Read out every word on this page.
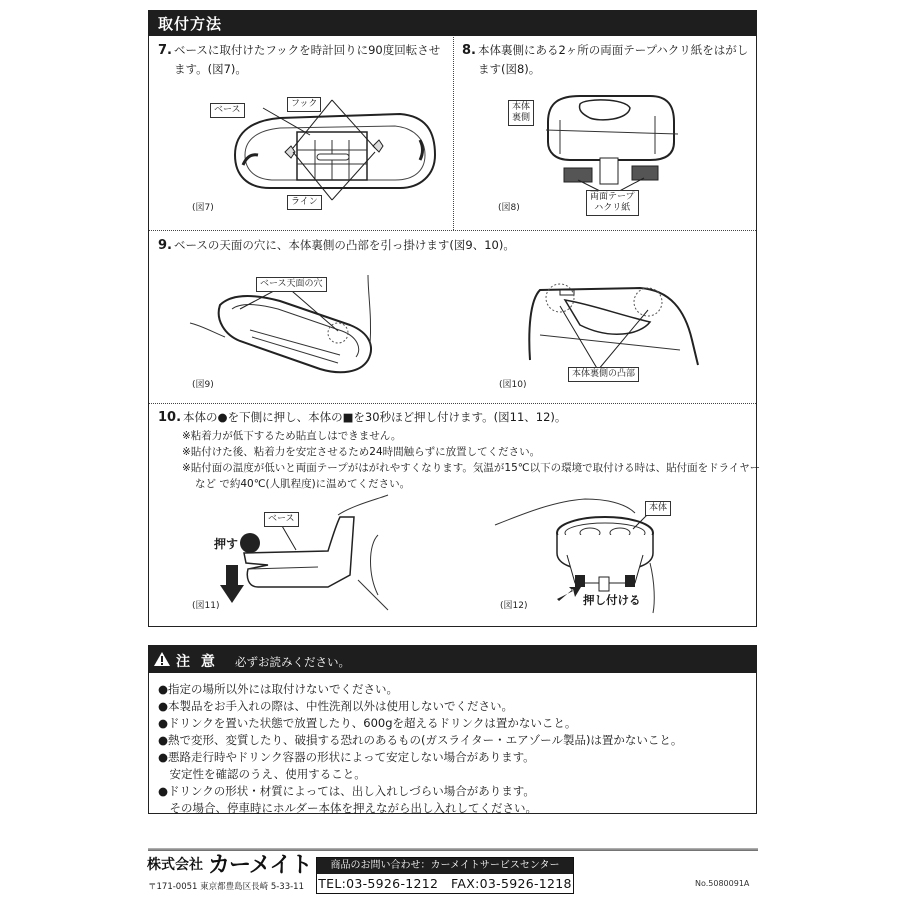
取付方法
7. ベースに取付けたフックを時計回りに90度回転させ
ます。(図7)。
ベース
フック
ライン
(図7)
8. 本体裏側にある2ヶ所の両面テープハクリ紙をはがし
ます(図8)。
本体
裏側
両面テープ
ハクリ紙
(図8)
9. ベースの天面の穴に、本体裏側の凸部を引っ掛けます(図9、10)。
ベース天面の穴
(図9)
本体裏側の凸部
(図10)
10. 本体の●を下側に押し、本体の■を30秒ほど押し付けます。(図11、12)。
※粘着力が低下するため貼直しはできません。
※貼付けた後、粘着力を安定させるため24時間触らずに放置してください。
※貼付面の温度が低いと両面テープがはがれやすくなります。気温が15℃以下の環境で取付ける時は、貼付面をドライヤー
など で約40℃(人肌程度)に温めてください。
ベース
押す
(図11)
本体
押し付ける
(図12)
注 意 必ずお読みください。
●指定の場所以外には取付けないでください。
●本製品をお手入れの際は、中性洗剤以外は使用しないでください。
●ドリンクを置いた状態で放置したり、600gを超えるドリンクは置かないこと。
●熱で変形、変質したり、破損する恐れのあるもの(ガスライター・エアゾール製品)は置かないこと。
●悪路走行時やドリンク容器の形状によって安定しない場合があります。
　安定性を確認のうえ、使用すること。
●ドリンクの形状・材質によっては、出し入れしづらい場合があります。
　その場合、停車時にホルダー本体を押えながら出し入れしてください。
株式会社 カーメイト
〒171-0051 東京都豊島区長崎 5-33-11
商品のお問い合わせ：カーメイトサービスセンター
TEL:03-5926-1212　FAX:03-5926-1218	No.5080091A
